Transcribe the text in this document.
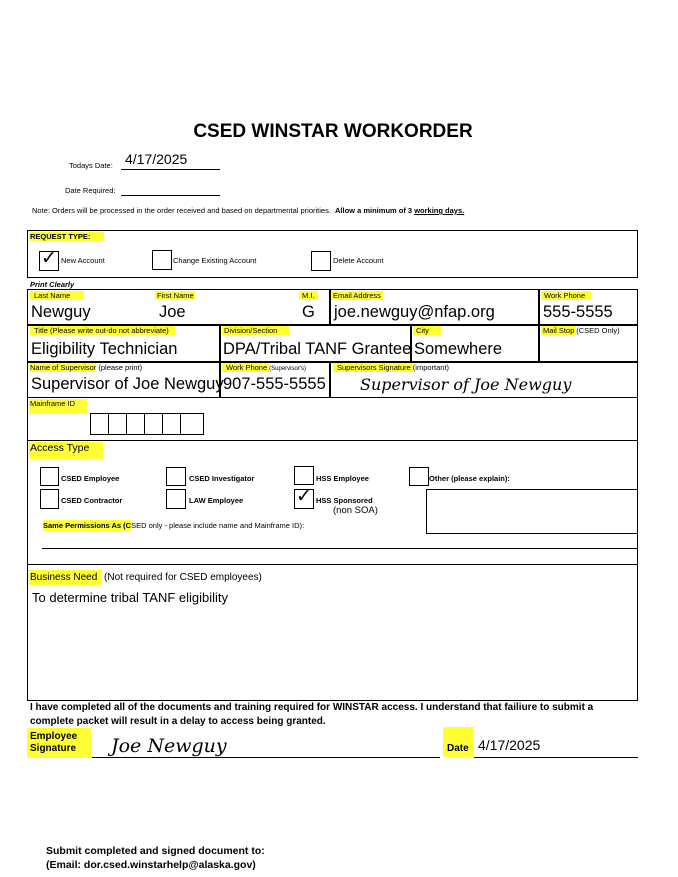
CSED WINSTAR WORKORDER
Todays Date: 4/17/2025
Date Required:
Note: Orders will be processed in the order received and based on departmental priorities. Allow a minimum of 3 working days.
REQUEST TYPE:
✓ New Account	Change Existing Account	Delete Account
Print Clearly
Last Name
Newguy
First Name
Joe
M.I.
G
Email Address
joe.newguy@nfap.org
Work Phone
555-5555
Title (Please write out-do not abbreviate)
Eligibility Technician
Division/Section
DPA/Tribal TANF Grantee
City
Somewhere
Mail Stop (CSED Only)
Name of Supervisor (please print)
Supervisor of Joe Newguy
Work Phone (Supervisor's)
907-555-5555
Supervisors Signature (important)
Supervisor of Joe Newguy
Mainframe ID
Access Type
CSED Employee	CSED Investigator	HSS Employee	Other (please explain):
CSED Contractor	LAW Employee	✓ HSS Sponsored
(non SOA)
Same Permissions As (CSED only - please include name and Mainframe ID):
Business Need (Not required for CSED employees)
To determine tribal TANF eligibility
I have completed all of the documents and training required for WINSTAR access. I understand that failiure to submit a complete packet will result in a delay to access being granted.
Employee
Signature	Joe Newguy	Date 4/17/2025
Submit completed and signed document to:
(Email: dor.csed.winstarhelp@alaska.gov)
